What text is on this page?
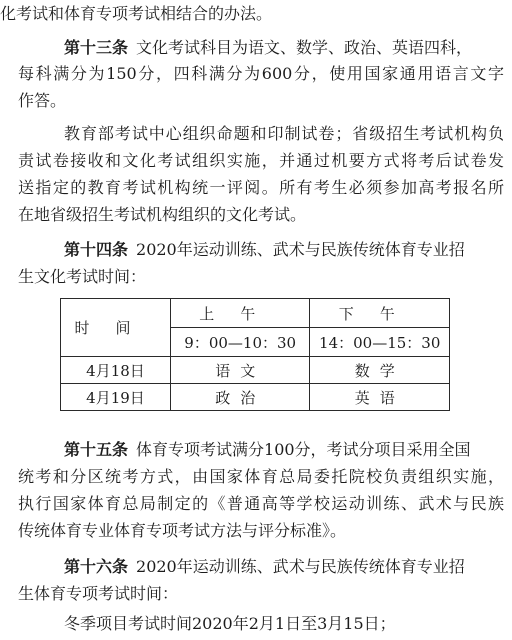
化考试和体育专项考试相结合的办法。
第十三条 文化考试科目为语文、数学、政治、英语四科，
每科满分为150分，四科满分为600分，使用国家通用语言文字
作答。
教育部考试中心组织命题和印制试卷；省级招生考试机构负
责试卷接收和文化考试组织实施，并通过机要方式将考后试卷发
送指定的教育考试机构统一评阅。所有考生必须参加高考报名所
在地省级招生考试机构组织的文化考试。
第十四条 2020年运动训练、武术与民族传统体育专业招
生文化考试时间：
时间	上午	下午
	9：00—10：30	14：00—15：30
4月18日	语文	数学
4月19日	政治	英语
第十五条 体育专项考试满分100分，考试分项目采用全国
统考和分区统考方式，由国家体育总局委托院校负责组织实施，
执行国家体育总局制定的《普通高等学校运动训练、武术与民族
传统体育专业体育专项考试方法与评分标准》。
第十六条 2020年运动训练、武术与民族传统体育专业招
生体育专项考试时间：
冬季项目考试时间2020年2月1日至3月15日；
